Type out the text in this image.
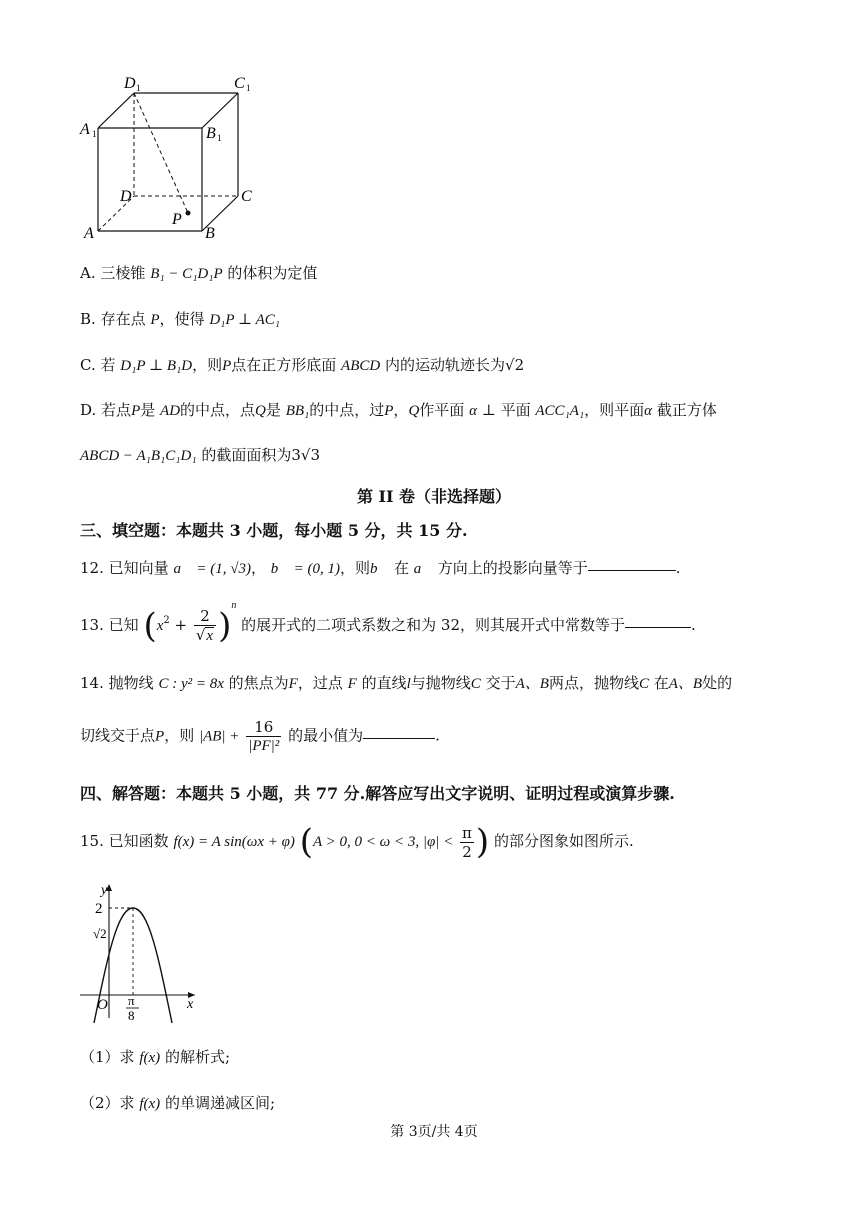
D 1	C 1
A 1	B 1
D	C
A	B
P
A. 三棱锥 B₁ − C₁D₁P 的体积为定值
B. 存在点 P，使得 D₁P ⊥ AC₁
C. 若 D₁P ⊥ B₁D，则P点在正方形底面 ABCD 内的运动轨迹长为√2
D. 若点P是 AD的中点，点Q是 BB₁的中点，过P，Q作平面 α ⊥ 平面 ACC₁A₁，则平面α 截正方体
ABCD − A₁B₁C₁D₁ 的截面面积为3√3
第 II 卷（非选择题）
三、填空题：本题共 3 小题，每小题 5 分，共 15 分.
12. 已知向量 a⃗ = (1, √3)， b⃗ = (0, 1)，则b⃗ 在 a⃗ 方向上的投影向量等于	.
13. 已知 $(x^2 + \frac{2}{√x} )^n$ 的展开式的二项式系数之和为 32，则其展开式中常数等于	.
14. 抛物线 C : y² = 8x 的焦点为F，过点 F 的直线l与抛物线C 交于A、B两点，抛物线C 在A、B处的
切线交于点P，则 $|AB| + \frac{16}{\text{|PF|²}}$ 的最小值为	.
四、解答题：本题共 5 小题，共 77 分.解答应写出文字说明、证明过程或演算步骤.
15. 已知函数 f(x) = A sin(ωx + φ) (A > 0, 0 < ω < 3, $|\varphi| < \frac{\pi}{2}$ ) 的部分图象如图所示.
y
x
2
√2
O π
8
（1）求 f(x) 的解析式;
（2）求 f(x) 的单调递减区间;
第 3页/共 4页
